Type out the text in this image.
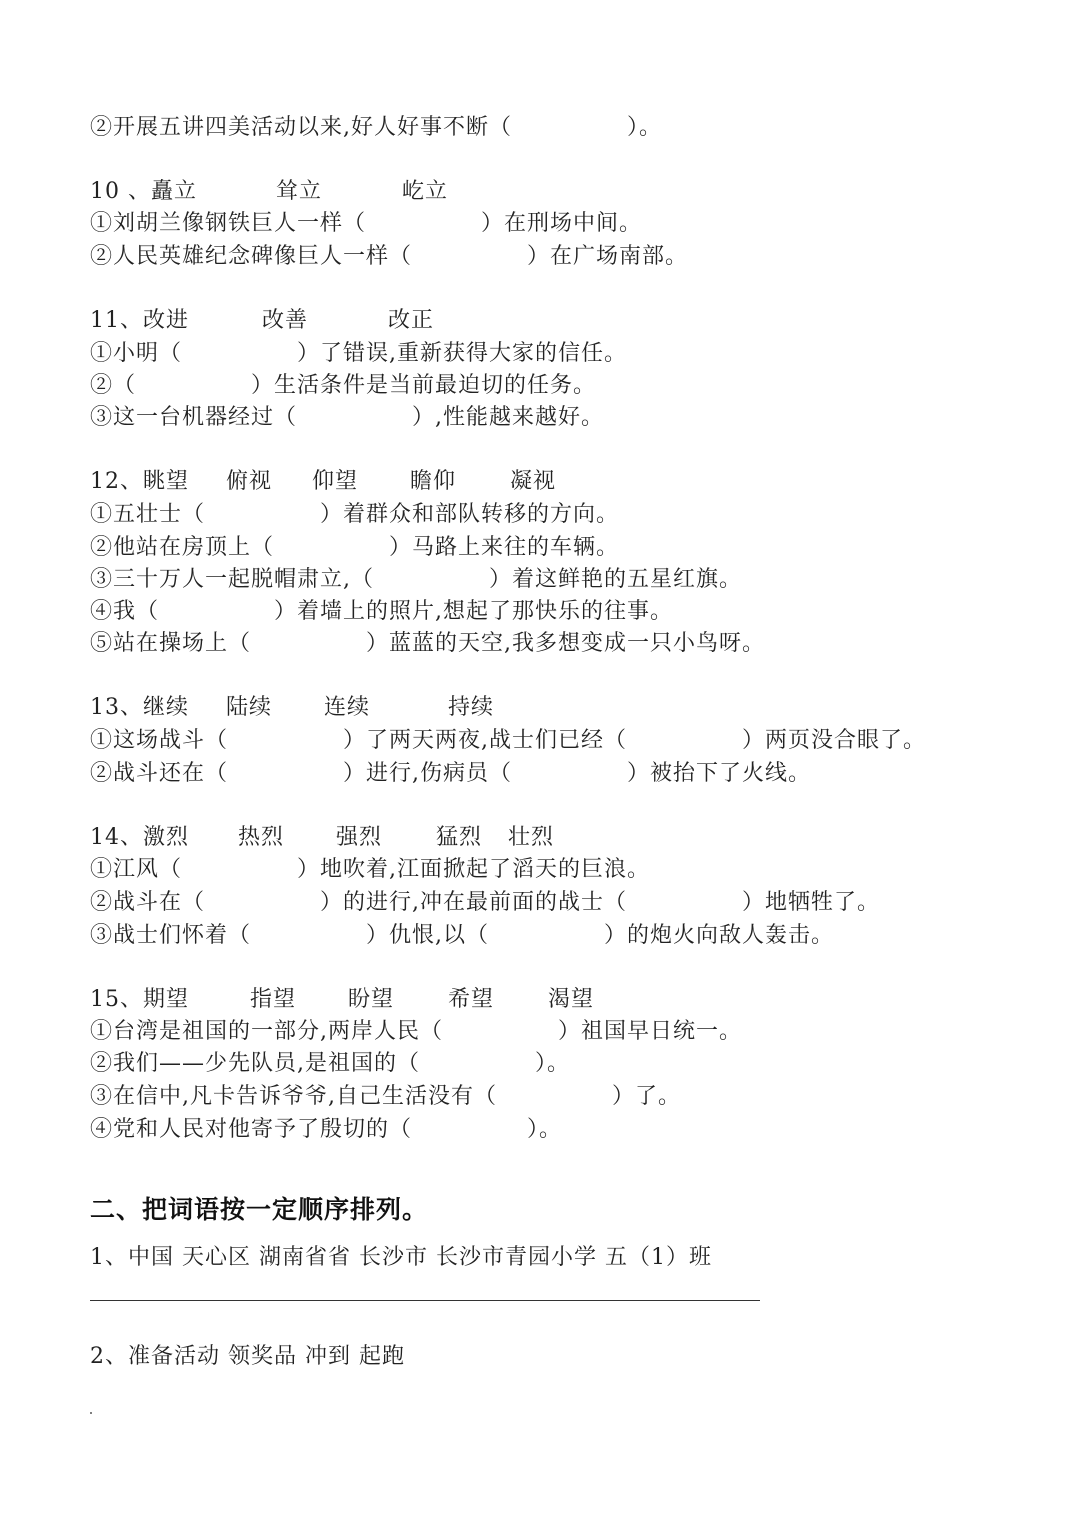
②开展五讲四美活动以来,好人好事不断（　　　　　）。
10 、矗立	耸立	屹立
①刘胡兰像钢铁巨人一样（　　　　　）在刑场中间。
②人民英雄纪念碑像巨人一样（　　　　　）在广场南部。
11、改进	改善	改正
①小明（　　　　　）了错误,重新获得大家的信任。
②（　　　　　）生活条件是当前最迫切的任务。
③这一台机器经过（　　　　　）,性能越来越好。
12、眺望 俯视 仰望 瞻仰 凝视
①五壮士（　　　　　）着群众和部队转移的方向。
②他站在房顶上（　　　　　）马路上来往的车辆。
③三十万人一起脱帽肃立,（　　　　　）着这鲜艳的五星红旗。
④我（　　　　　）着墙上的照片,想起了那快乐的往事。
⑤站在操场上（　　　　　）蓝蓝的天空,我多想变成一只小鸟呀。
13、继续 陆续 连续	持续
①这场战斗（　　　　　）了两天两夜,战士们已经（　　　　　）两页没合眼了。
②战斗还在（　　　　　）进行,伤病员（　　　　　）被抬下了火线。
14、激烈 热烈 强烈 猛烈 壮烈
①江风（　　　　　）地吹着,江面掀起了滔天的巨浪。
②战斗在（　　　　　）的进行,冲在最前面的战士（　　　　　）地牺牲了。
③战士们怀着（　　　　　）仇恨,以（　　　　　）的炮火向敌人轰击。
15、期望	指望 盼望 希望 渴望
①台湾是祖国的一部分,两岸人民（　　　　　）祖国早日统一。
②我们——少先队员,是祖国的（　　　　　）。
③在信中,凡卡告诉爷爷,自己生活没有（　　　　　）了。
④党和人民对他寄予了殷切的（　　　　　）。
二、把词语按一定顺序排列。
1、中国 天心区 湖南省省 长沙市 长沙市青园小学 五（1）班
2、准备活动 领奖品 冲到 起跑
